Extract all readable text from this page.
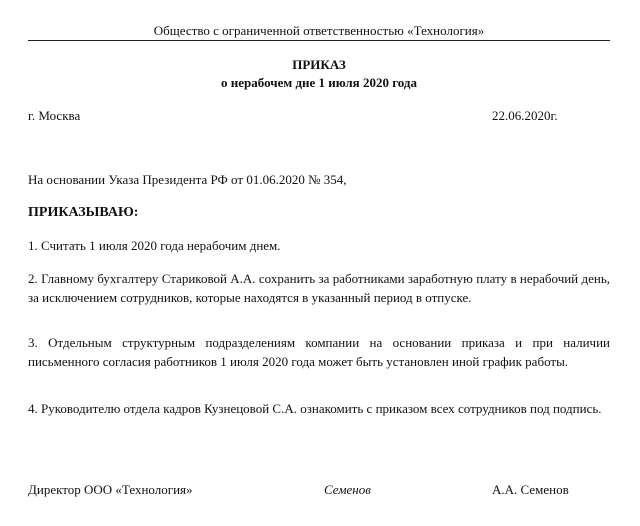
Общество с ограниченной ответственностью «Технология»
ПРИКАЗ
о нерабочем дне 1 июля 2020 года
г. Москва	22.06.2020г.
На основании Указа Президента РФ от 01.06.2020 № 354,
ПРИКАЗЫВАЮ:
1. Считать 1 июля 2020 года нерабочим днем.
2. Главному бухгалтеру Стариковой А.А. сохранить за работниками заработную плату в нерабочий день, за исключением сотрудников, которые находятся в указанный период в отпуске.
3. Отдельным структурным подразделениям компании на основании приказа и при наличии письменного согласия работников 1 июля 2020 года может быть установлен иной график работы.
4. Руководителю отдела кадров Кузнецовой С.А. ознакомить с приказом всех сотрудников под подпись.
Директор ООО «Технология»	Семенов	А.А. Семенов
